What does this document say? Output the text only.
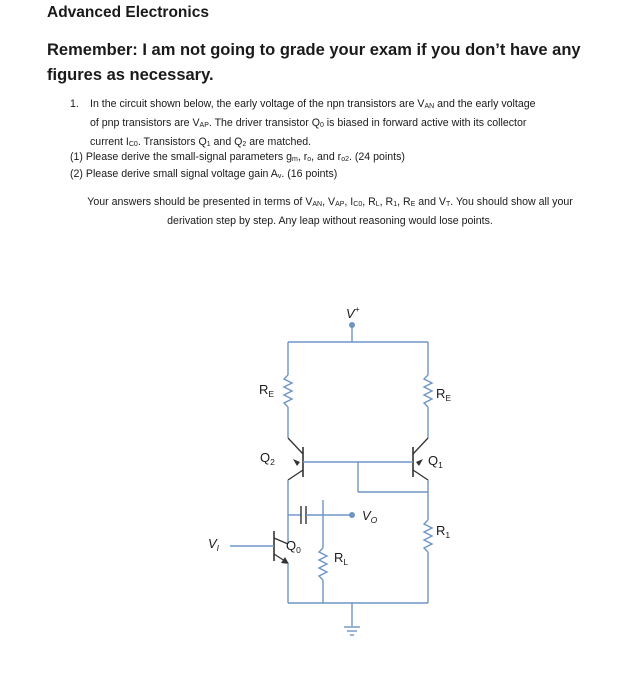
Advanced Electronics
Remember: I am not going to grade your exam if you don’t have any figures as necessary.
1. In the circuit shown below, the early voltage of the npn transistors are $V_{AN}$ and the early voltage
of pnp transistors are $V_{AP}$. The driver transistor $Q_0$ is biased in forward active with its collector
current $I_{C0}$. Transistors $Q_1$ and $Q_2$ are matched.
(1) Please derive the small-signal parameters $g_m$, $r_o$, and $r_{o2}$. (24 points)
(2) Please derive small signal voltage gain $A_v$. (16 points)
Your answers should be presented in terms of $V_{AN}$, $V_{AP}$, $I_{C0}$, $R_L$, $R_1$, $R_E$ and $V_T$. You should show all your
derivation step by step. Any leap without reasoning would lose points.
V+
$R_E$	$R_E$
$Q_2$	$Q_1$
$V_O$
$R_1$
$V_I$	$Q_0$	$R_L$
